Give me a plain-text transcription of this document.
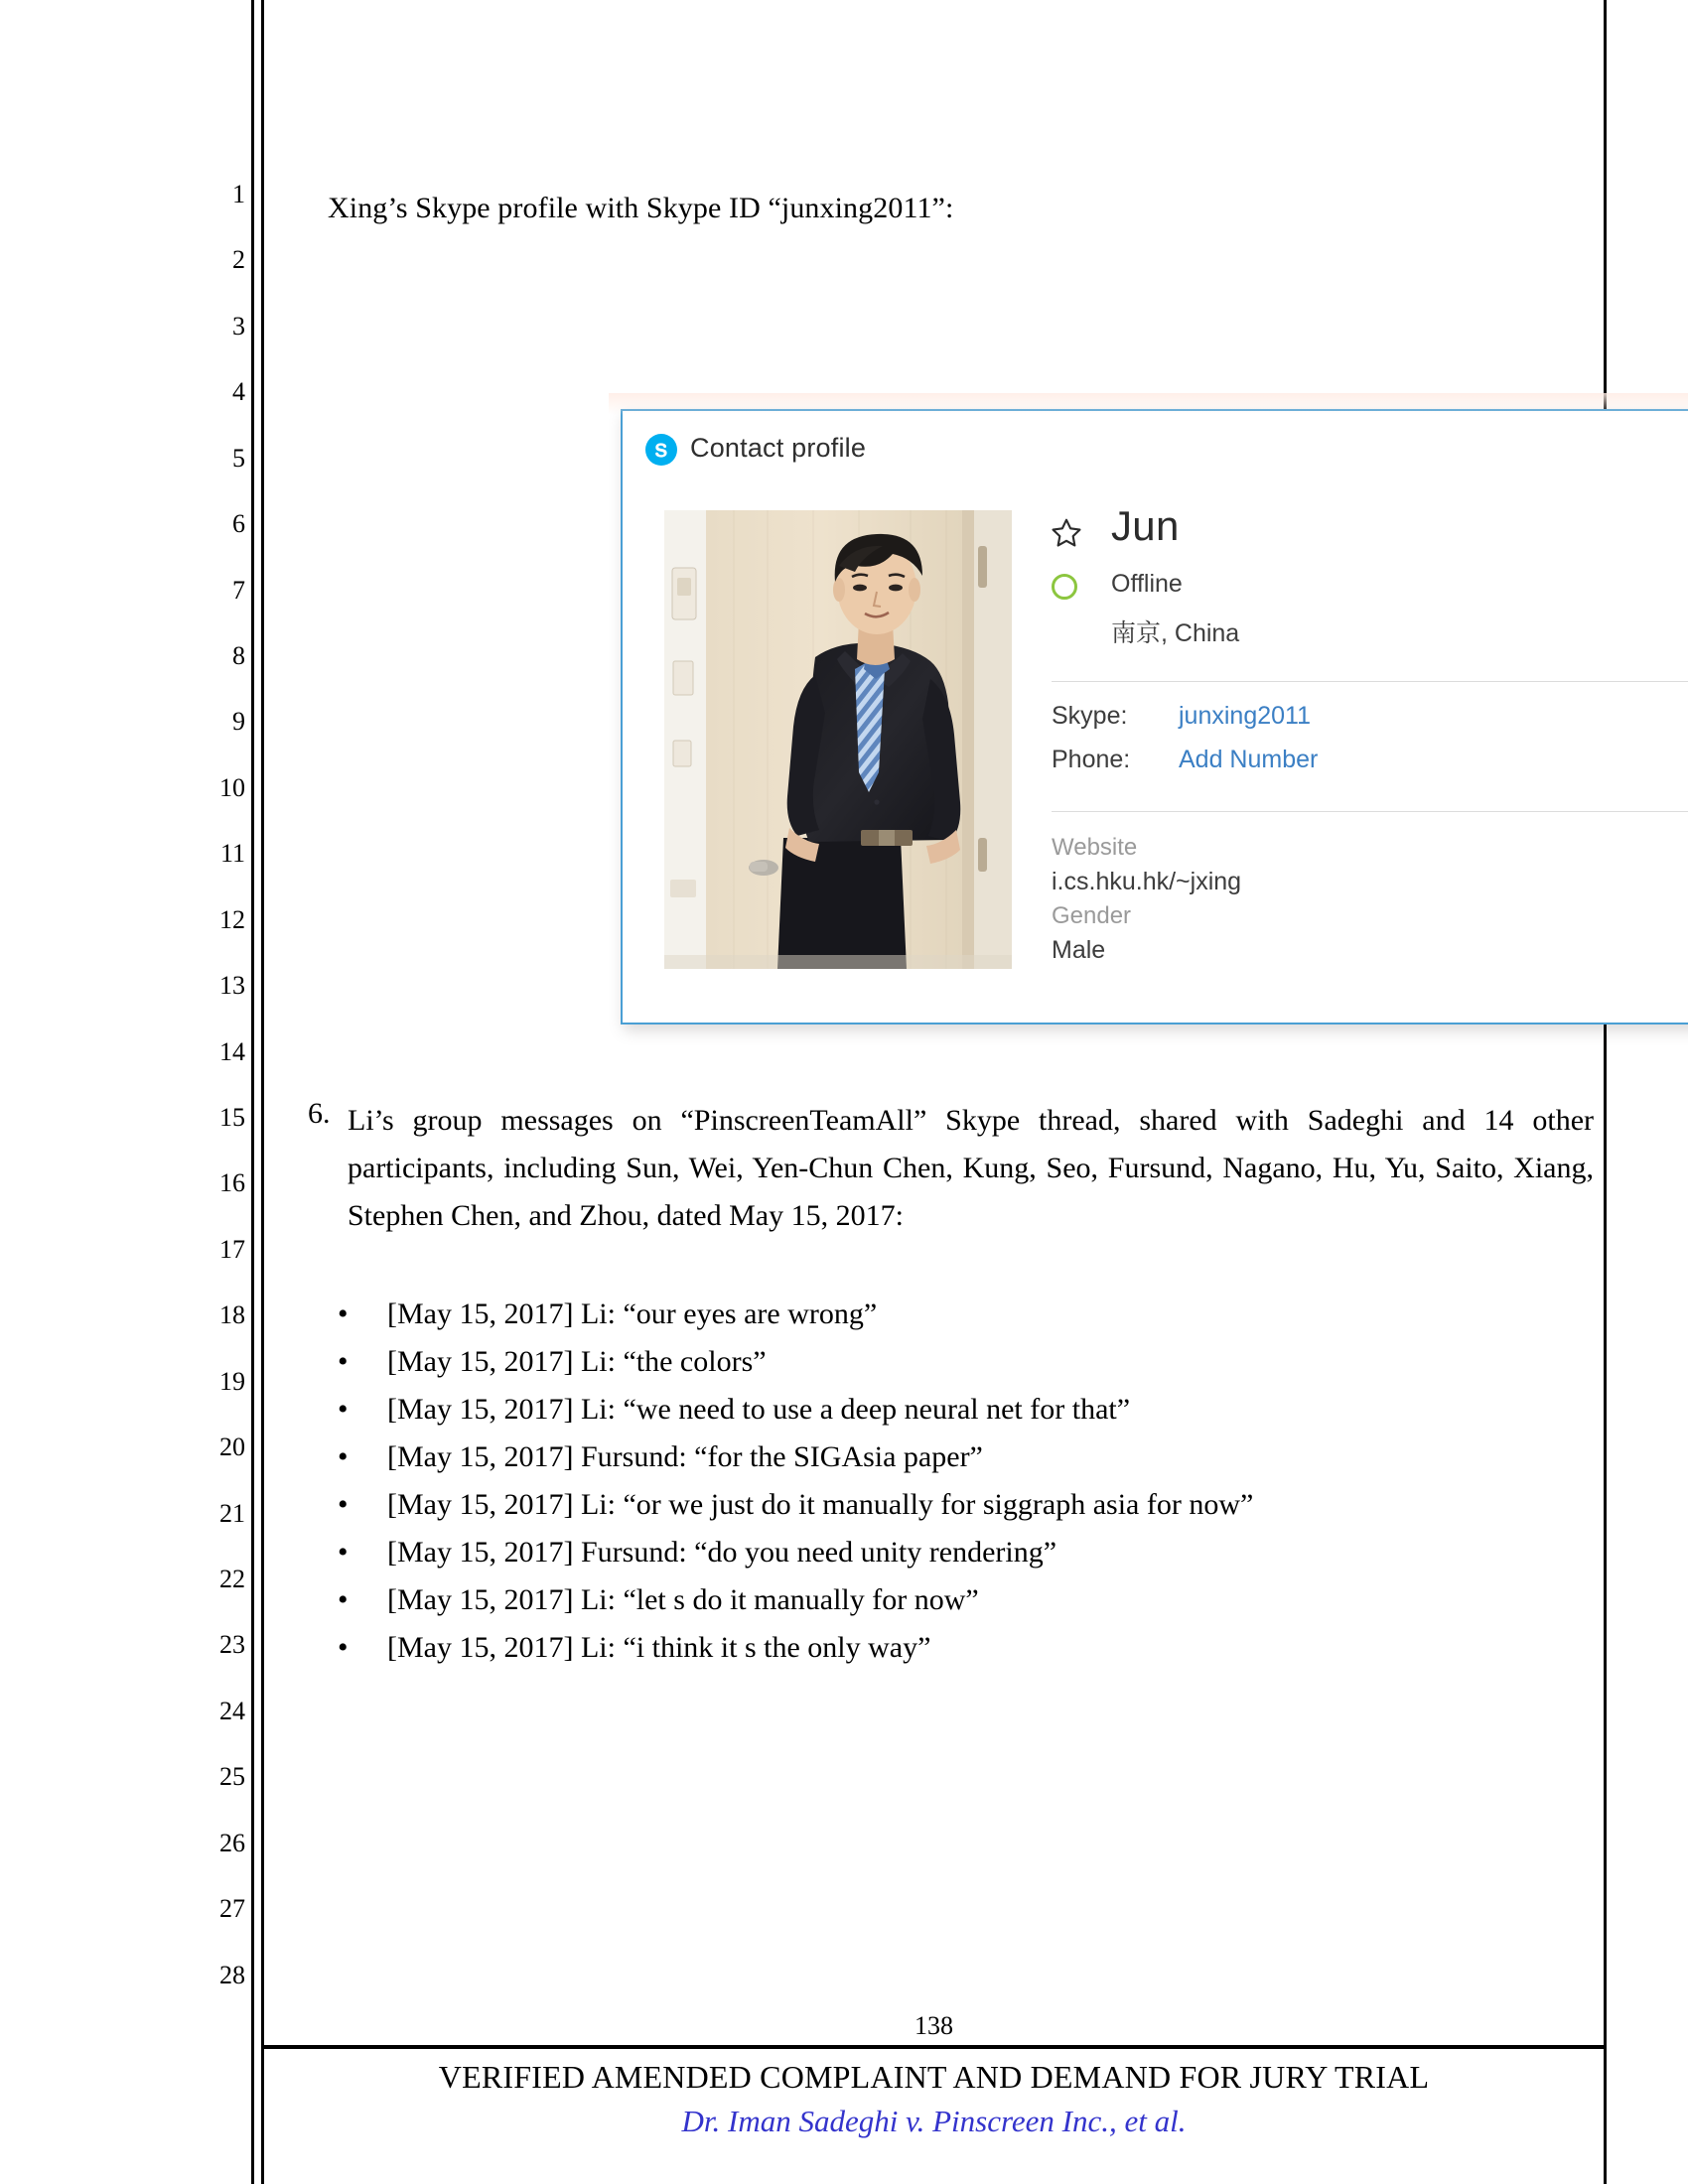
1
2
3
4
5
6
7
8
9
10
11
12
13
14
15
16
17
18
19
20
21
22
23
24
25
26
27
28
Xing’s Skype profile with Skype ID “junxing2011”:
Contact profile
Jun
Offline
南京, China
Skype: junxing2011
Phone: Add Number
Website
i.cs.hku.hk/~jxing
Gender
Male
6. Li’s group messages on “PinscreenTeamAll” Skype thread, shared with Sadeghi and 14 other participants, including Sun, Wei, Yen-Chun Chen, Kung, Seo, Fursund, Nagano, Hu, Yu, Saito, Xiang, Stephen Chen, and Zhou, dated May 15, 2017:
• [May 15, 2017] Li: “our eyes are wrong”
• [May 15, 2017] Li: “the colors”
• [May 15, 2017] Li: “we need to use a deep neural net for that”
• [May 15, 2017] Fursund: “for the SIGAsia paper”
• [May 15, 2017] Li: “or we just do it manually for siggraph asia for now”
• [May 15, 2017] Fursund: “do you need unity rendering”
• [May 15, 2017] Li: “let s do it manually for now”
• [May 15, 2017] Li: “i think it s the only way”
138
VERIFIED AMENDED COMPLAINT AND DEMAND FOR JURY TRIAL
Dr. Iman Sadeghi v. Pinscreen Inc., et al.
